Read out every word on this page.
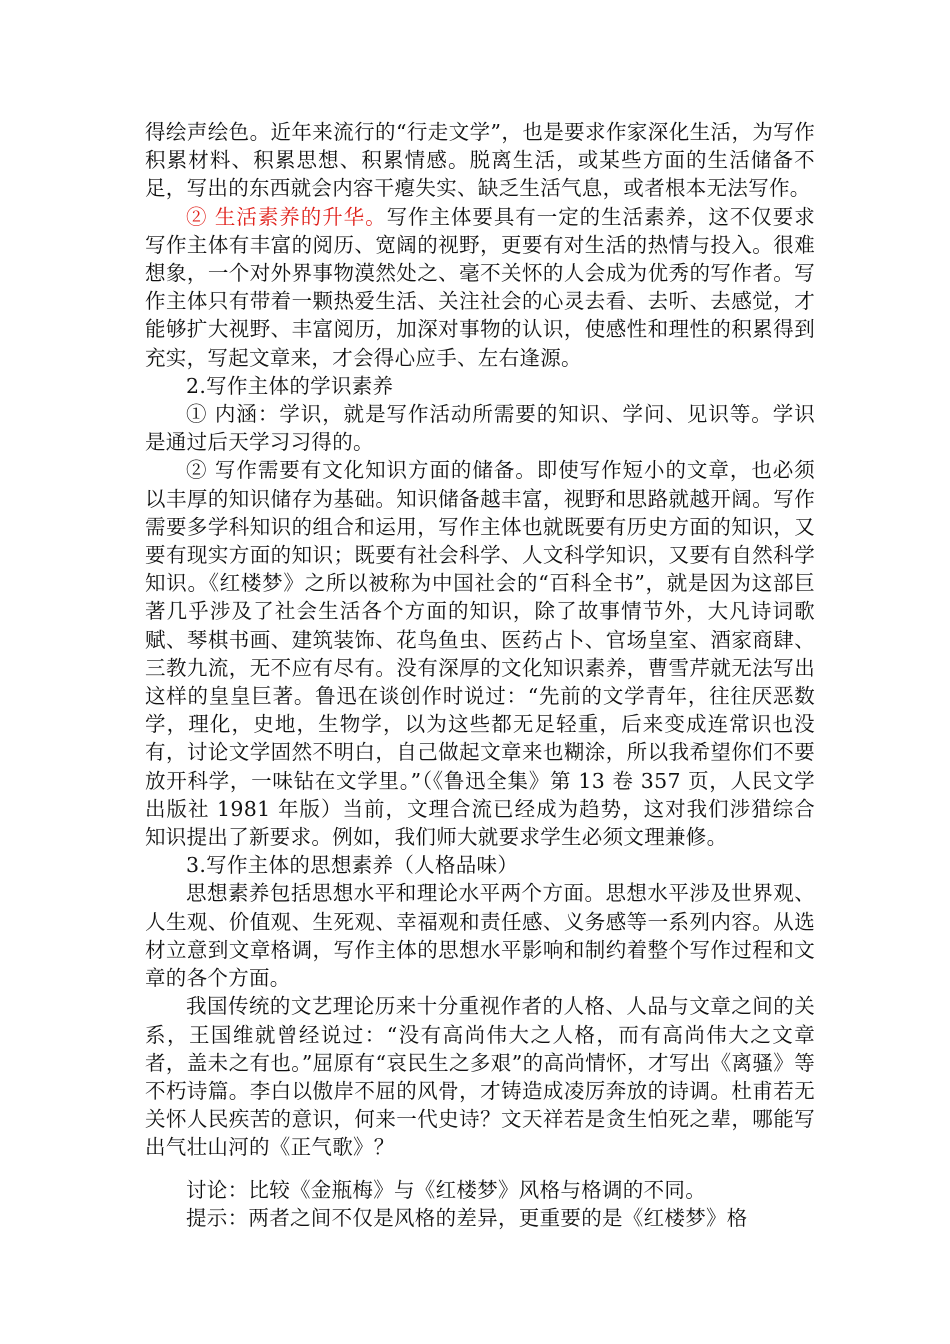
得绘声绘色。近年来流行的“行走文学”，也是要求作家深化生活，为写作积累材料、积累思想、积累情感。脱离生活，或某些方面的生活储备不足，写出的东西就会内容干瘪失实、缺乏生活气息，或者根本无法写作。

② 生活素养的升华。写作主体要具有一定的生活素养，这不仅要求写作主体有丰富的阅历、宽阔的视野，更要有对生活的热情与投入。很难想象，一个对外界事物漠然处之、毫不关怀的人会成为优秀的写作者。写作主体只有带着一颗热爱生活、关注社会的心灵去看、去听、去感觉，才能够扩大视野、丰富阅历，加深对事物的认识，使感性和理性的积累得到充实，写起文章来，才会得心应手、左右逢源。

2.写作主体的学识素养

① 内涵：学识，就是写作活动所需要的知识、学问、见识等。学识是通过后天学习习得的。

② 写作需要有文化知识方面的储备。即使写作短小的文章，也必须以丰厚的知识储存为基础。知识储备越丰富，视野和思路就越开阔。写作需要多学科知识的组合和运用，写作主体也就既要有历史方面的知识，又要有现实方面的知识；既要有社会科学、人文科学知识，又要有自然科学知识。《红楼梦》之所以被称为中国社会的“百科全书”，就是因为这部巨著几乎涉及了社会生活各个方面的知识，除了故事情节外，大凡诗词歌赋、琴棋书画、建筑装饰、花鸟鱼虫、医药占卜、官场皇室、酒家商肆、三教九流，无不应有尽有。没有深厚的文化知识素养，曹雪芹就无法写出这样的皇皇巨著。鲁迅在谈创作时说过：“先前的文学青年，往往厌恶数学，理化，史地，生物学，以为这些都无足轻重，后来变成连常识也没有，讨论文学固然不明白，自己做起文章来也糊涂，所以我希望你们不要放开科学，一味钻在文学里。”（《鲁迅全集》第 13 卷 357 页，人民文学出版社 1981 年版）当前，文理合流已经成为趋势，这对我们涉猎综合知识提出了新要求。例如，我们师大就要求学生必须文理兼修。

3.写作主体的思想素养（人格品味）

思想素养包括思想水平和理论水平两个方面。思想水平涉及世界观、人生观、价值观、生死观、幸福观和责任感、义务感等一系列内容。从选材立意到文章格调，写作主体的思想水平影响和制约着整个写作过程和文章的各个方面。

我国传统的文艺理论历来十分重视作者的人格、人品与文章之间的关系，王国维就曾经说过：“没有高尚伟大之人格，而有高尚伟大之文章者，盖未之有也。”屈原有“哀民生之多艰”的高尚情怀，才写出《离骚》等不朽诗篇。李白以傲岸不屈的风骨，才铸造成凌厉奔放的诗调。杜甫若无关怀人民疾苦的意识，何来一代史诗？文天祥若是贪生怕死之辈，哪能写出气壮山河的《正气歌》？

讨论：比较《金瓶梅》与《红楼梦》风格与格调的不同。

提示：两者之间不仅是风格的差异，更重要的是《红楼梦》格
